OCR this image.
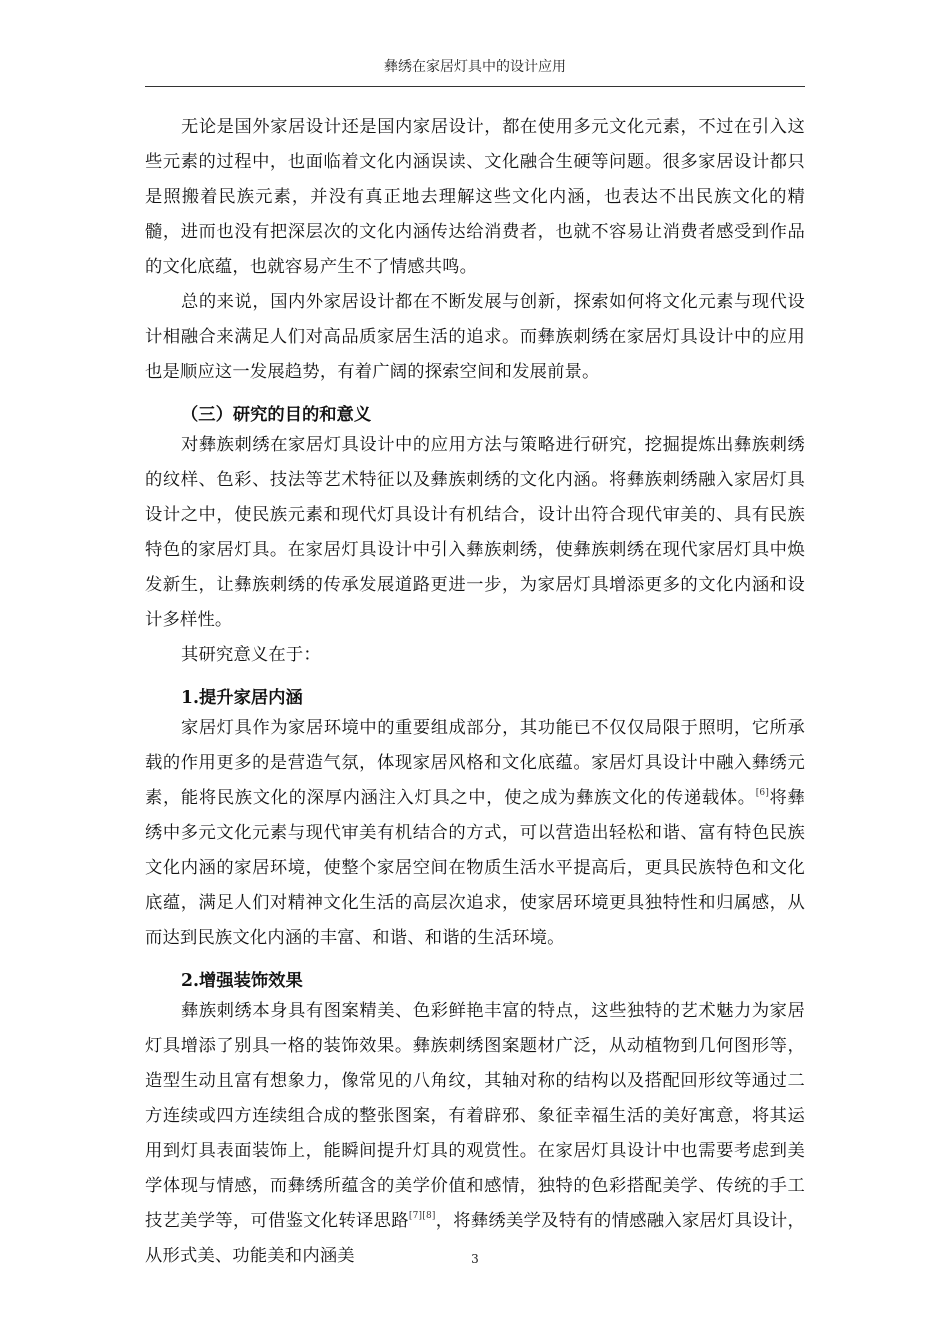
彝绣在家居灯具中的设计应用

无论是国外家居设计还是国内家居设计，都在使用多元文化元素，不过在引入这些元素的过程中，也面临着文化内涵误读、文化融合生硬等问题。很多家居设计都只是照搬着民族元素，并没有真正地去理解这些文化内涵，也表达不出民族文化的精髓，进而也没有把深层次的文化内涵传达给消费者，也就不容易让消费者感受到作品的文化底蕴，也就容易产生不了情感共鸣。

总的来说，国内外家居设计都在不断发展与创新，探索如何将文化元素与现代设计相融合来满足人们对高品质家居生活的追求。而彝族刺绣在家居灯具设计中的应用也是顺应这一发展趋势，有着广阔的探索空间和发展前景。

（三）研究的目的和意义

对彝族刺绣在家居灯具设计中的应用方法与策略进行研究，挖掘提炼出彝族刺绣的纹样、色彩、技法等艺术特征以及彝族刺绣的文化内涵。将彝族刺绣融入家居灯具设计之中，使民族元素和现代灯具设计有机结合，设计出符合现代审美的、具有民族特色的家居灯具。在家居灯具设计中引入彝族刺绣，使彝族刺绣在现代家居灯具中焕发新生，让彝族刺绣的传承发展道路更进一步，为家居灯具增添更多的文化内涵和设计多样性。

其研究意义在于：

1.提升家居内涵

家居灯具作为家居环境中的重要组成部分，其功能已不仅仅局限于照明，它所承载的作用更多的是营造气氛，体现家居风格和文化底蕴。家居灯具设计中融入彝绣元素，能将民族文化的深厚内涵注入灯具之中，使之成为彝族文化的传递载体。[6]将彝绣中多元文化元素与现代审美有机结合的方式，可以营造出轻松和谐、富有特色民族文化内涵的家居环境，使整个家居空间在物质生活水平提高后，更具民族特色和文化底蕴，满足人们对精神文化生活的高层次追求，使家居环境更具独特性和归属感，从而达到民族文化内涵的丰富、和谐、和谐的生活环境。

2.增强装饰效果

彝族刺绣本身具有图案精美、色彩鲜艳丰富的特点，这些独特的艺术魅力为家居灯具增添了别具一格的装饰效果。彝族刺绣图案题材广泛，从动植物到几何图形等，造型生动且富有想象力，像常见的八角纹，其轴对称的结构以及搭配回形纹等通过二方连续或四方连续组合成的整张图案，有着辟邪、象征幸福生活的美好寓意，将其运用到灯具表面装饰上，能瞬间提升灯具的观赏性。在家居灯具设计中也需要考虑到美学体现与情感，而彝绣所蕴含的美学价值和感情，独特的色彩搭配美学、传统的手工技艺美学等，可借鉴文化转译思路[7][8]，将彝绣美学及特有的情感融入家居灯具设计，从形式美、功能美和内涵美	3
